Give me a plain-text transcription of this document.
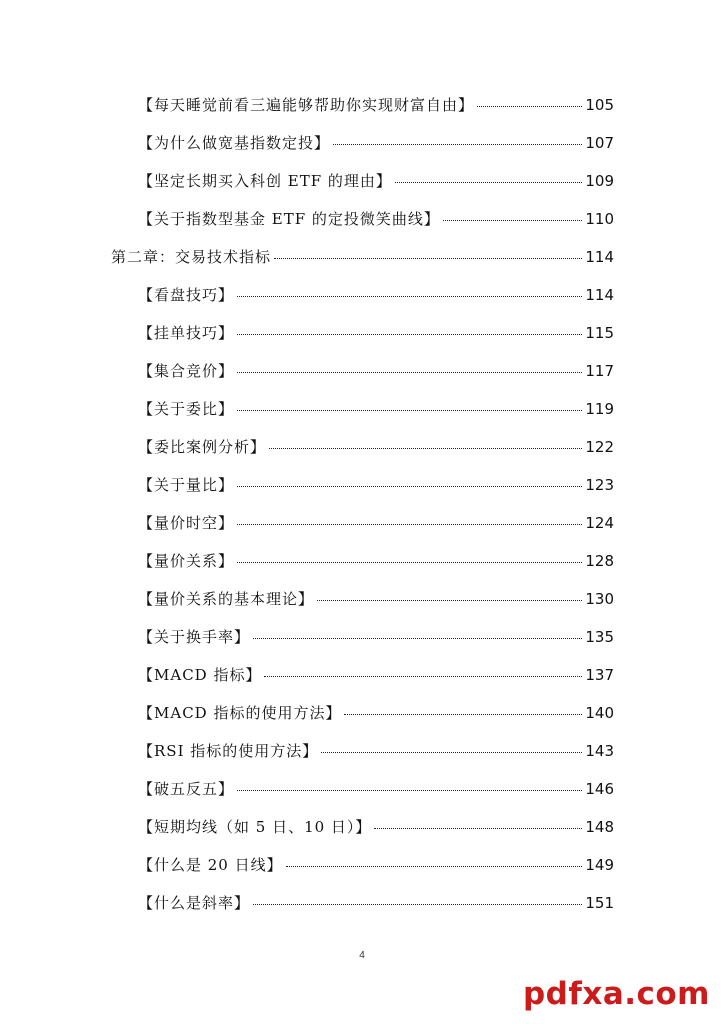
【每天睡觉前看三遍能够帮助你实现财富自由】	105
【为什么做宽基指数定投】	107
【坚定长期买入科创 ETF 的理由】	109
【关于指数型基金 ETF 的定投微笑曲线】	110
第二章：交易技术指标	114
【看盘技巧】	114
【挂单技巧】	115
【集合竞价】	117
【关于委比】	119
【委比案例分析】	122
【关于量比】	123
【量价时空】	124
【量价关系】	128
【量价关系的基本理论】	130
【关于换手率】	135
【MACD 指标】	137
【MACD 指标的使用方法】	140
【RSI 指标的使用方法】	143
【破五反五】	146
【短期均线（如 5 日、10 日）】	148
【什么是 20 日线】	149
【什么是斜率】	151
4
pdfxa.com
